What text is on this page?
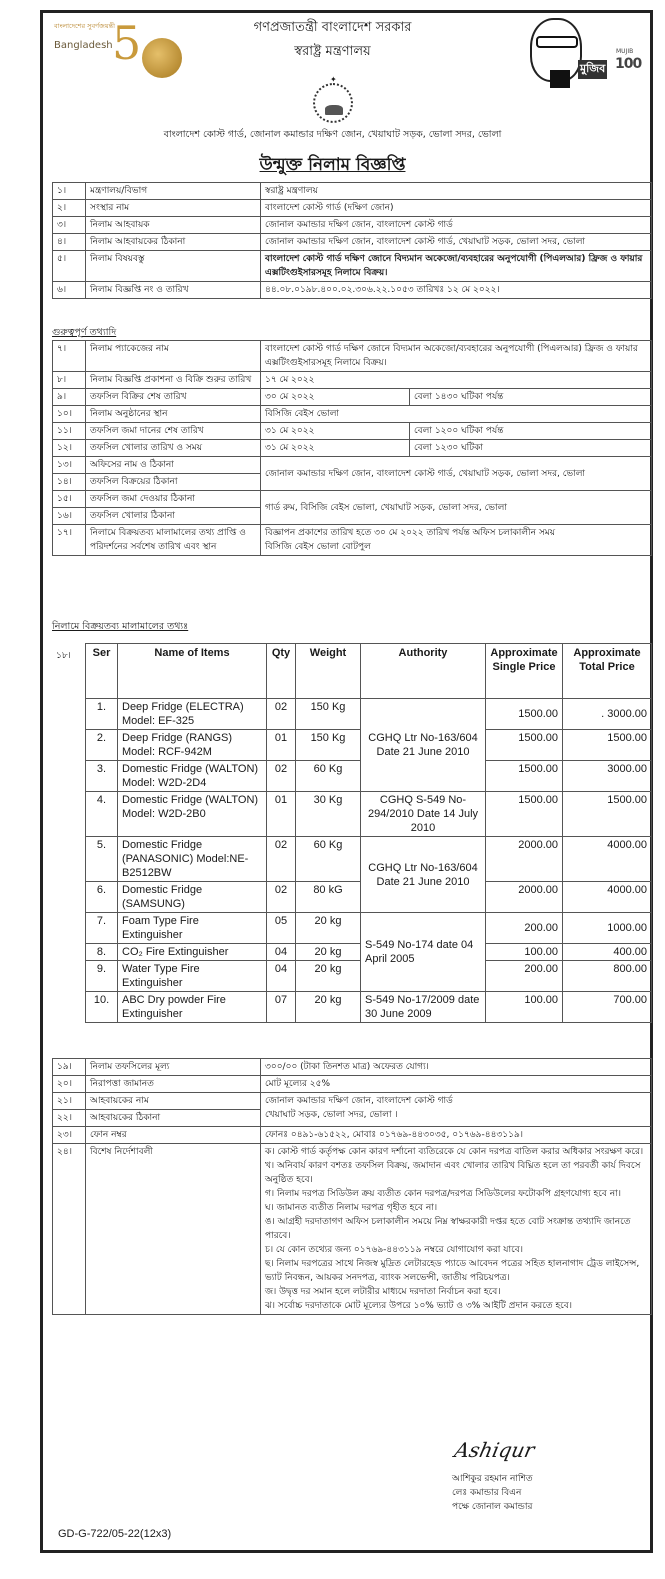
বাংলাদেশের সুবর্ণজয়ন্তী
Bangladesh 5	মুজিব
MUJIB
100
গণপ্রজাতন্ত্রী বাংলাদেশ সরকার
স্বরাষ্ট্র মন্ত্রণালয়
✦
বাংলাদেশ কোস্ট গার্ড, জোনাল কমান্ডার দক্ষিণ জোন, খেয়াঘাট সড়ক, ভোলা সদর, ভোলা
উন্মুক্ত নিলাম বিজ্ঞপ্তি
১।	মন্ত্রণালয়/বিভাগ	স্বরাষ্ট্র মন্ত্রণালয়
২।	সংস্থার নাম	বাংলাদেশ কোস্ট গার্ড (দক্ষিণ জোন)
৩।	নিলাম আহবায়ক	জোনাল কমান্ডার দক্ষিণ জোন, বাংলাদেশ কোস্ট গার্ড
৪।	নিলাম আহবায়কের ঠিকানা	জোনাল কমান্ডার দক্ষিণ জোন, বাংলাদেশ কোস্ট গার্ড, খেয়াঘাট সড়ক, ভোলা সদর, ভোলা
৫।	নিলাম বিষয়বস্তু	বাংলাদেশ কোস্ট গার্ড দক্ষিণ জোনে বিদ্যমান অকেজো/ব্যবহারের অনুপযোগী (পিএলআর) ফ্রিজ ও ফায়ার এক্সটিংগুইসারসমূহ নিলামে বিক্রয়।
৬।	নিলাম বিজ্ঞপ্তি নং ও তারিখ	৪৪.০৮.০১৯৮.৪০০.০২.৩০৬.২২.১০৫৩ তারিখঃ ১২ মে ২০২২।
গুরুত্বপূর্ণ তথ্যাদি
৭।	নিলাম প্যাকেজের নাম	বাংলাদেশ কোস্ট গার্ড দক্ষিণ জোনে বিদ্যমান অকেজো/ব্যবহারের অনুপযোগী (পিএলআর) ফ্রিজ ও ফায়ার এক্সটিংগুইসারসমূহ নিলামে বিক্রয়।	
৮।	নিলাম বিজ্ঞপ্তি প্রকাশনা ও বিক্রি শুরুর তারিখ	১৭ মে ২০২২	
৯।	তফসিল বিক্রির শেষ তারিখ	৩০ মে ২০২২	বেলা ১৪৩০ ঘটিকা পর্যন্ত
১০।	নিলাম অনুষ্ঠানের স্থান	বিসিজি বেইস ভোলা	
১১।	তফসিল জমা দানের শেষ তারিখ	৩১ মে ২০২২	বেলা ১২০০ ঘটিকা পর্যন্ত
১২।	তফসিল খোলার তারিখ ও সময়	৩১ মে ২০২২	বেলা ১২৩০ ঘটিকা
১৩।	অফিসের নাম ও ঠিকানা	জোনাল কমান্ডার দক্ষিণ জোন, বাংলাদেশ কোস্ট গার্ড, খেয়াঘাট সড়ক, ভোলা সদর, ভোলা	
১৪।	তফসিল বিক্রয়ের ঠিকানা		
১৫।	তফসিল জমা দেওয়ার ঠিকানা	গার্ড রুম, বিসিজি বেইস ভোলা, খেয়াঘাট সড়ক, ভোলা সদর, ভোলা	
১৬।	তফসিল খোলার ঠিকানা		
১৭।	নিলামে বিক্রয়তব্য মালামালের তথ্য প্রাপ্তি ও পরিদর্শনের সর্বশেষ তারিখ এবং স্থান	বিজ্ঞাপন প্রকাশের তারিখ হতে ৩০ মে ২০২২ তারিখ পর্যন্ত অফিস চলাকালীন সময়
বিসিজি বেইস ভোলা বোটপুল	
নিলামে বিক্রয়তব্য মালামালের তথ্যঃ
১৮। Ser	Name of Items	Qty	Weight	Authority	Approximate Single Price	Approximate Total Price
1.	Deep Fridge (ELECTRA) Model: EF-325	02	150 Kg	CGHQ Ltr No-163/604 Date 21 June 2010	1500.00	. 3000.00
2.	Deep Fridge (RANGS) Model: RCF-942M	01	150 Kg		1500.00	1500.00
3.	Domestic Fridge (WALTON) Model: W2D-2D4	02	60 Kg		1500.00	3000.00
4.	Domestic Fridge (WALTON) Model: W2D-2B0	01	30 Kg	CGHQ S-549 No-294/2010 Date 14 July 2010	1500.00	1500.00
5.	Domestic Fridge (PANASONIC) Model:NE-B2512BW	02	60 Kg	CGHQ Ltr No-163/604 Date 21 June 2010	2000.00	4000.00
6.	Domestic Fridge (SAMSUNG)	02	80 kG		2000.00	4000.00
7.	Foam Type Fire Extinguisher	05	20 kg	S-549 No-174 date 04 April 2005	200.00	1000.00
8.	CO₂ Fire Extinguisher	04	20 kg		100.00	400.00
9.	Water Type Fire Extinguisher	04	20 kg		200.00	800.00
10.	ABC Dry powder Fire Extinguisher	07	20 kg	S-549 No-17/2009 date 30 June 2009	100.00	700.00
১৯।	নিলাম তফসিলের মূল্য	৩০০/০০ (টাকা তিনশত মাত্র) অফেরত যোগ্য।
২০।	নিরাপত্তা জামানত	মোট মূল্যের ২৫%
২১।	আহবায়কের নাম	জোনাল কমান্ডার দক্ষিণ জোন, বাংলাদেশ কোস্ট গার্ড
খেয়াঘাট সড়ক, ভোলা সদর, ভোলা ।

২২।	আহবায়কের ঠিকানা	
২৩।	ফোন নম্বর	ফোনঃ ০৪৯১-৬১৫২২, মোবাঃ ০১৭৬৯-৪৪৩০৩৫, ০১৭৬৯-৪৪৩১১৯।
২৪।	বিশেষ নির্দেশাবলী	ক। কোস্ট গার্ড কর্তৃপক্ষ কোন কারণ দর্শানো ব্যতিরেকে যে কোন দরপত্র বাতিল করার অধিকার সংরক্ষণ করে।
খ। অনিবার্য কারণ বশতঃ তফসিল বিক্রয়, জমাদান এবং খোলার তারিখ বিঘ্নিত হলে তা পরবর্তী কার্য দিবসে অনুষ্ঠিত হবে।
গ। নিলাম দরপত্র সিডিউল ক্রয় ব্যতীত কোন দরপত্র/দরপত্র সিডিউলের ফটোকপি গ্রহণযোগ্য হবে না।
ঘ। জামানত ব্যতীত নিলাম দরপত্র গৃহীত হবে না।
ঙ। আগ্রহী দরদাতাগণ অফিস চলাকালীন সময়ে নিম্ন স্বাক্ষরকারী দপ্তর হতে বোট সংক্রান্ত তথ্যাদি জানতে পারবে।
চ। যে কোন তথ্যের জন্য ০১৭৬৯-৪৪৩১১৯ নম্বরে যোগাযোগ করা যাবে।
ছ। নিলাম দরপত্রের সাথে নিজস্ব মুদ্রিত লেটারহেড প্যাডে আবেদন পত্রের সহিত হালনাগাদ ট্রেড লাইসেন্স, ভ্যাট নিবন্ধন, আয়কর সনদপত্র, ব্যাংক সলভেন্সী, জাতীয় পরিচয়পত্র।
জ। উদ্বৃত্ত দর সমান হলে লটারীর মাধ্যমে দরদাতা নির্বাচন করা হবে।
ঝ। সর্বোচ্চ দরদাতাকে মোট মূল্যের উপরে ১০% ভ্যাট ও ৩% আইটি প্রদান করতে হবে।
Ashiqur
আশিকুর রহমান নাশিত
লেঃ কমান্ডার বিএন
পক্ষে জোনাল কমান্ডার
GD-G-722/05-22(12x3)
